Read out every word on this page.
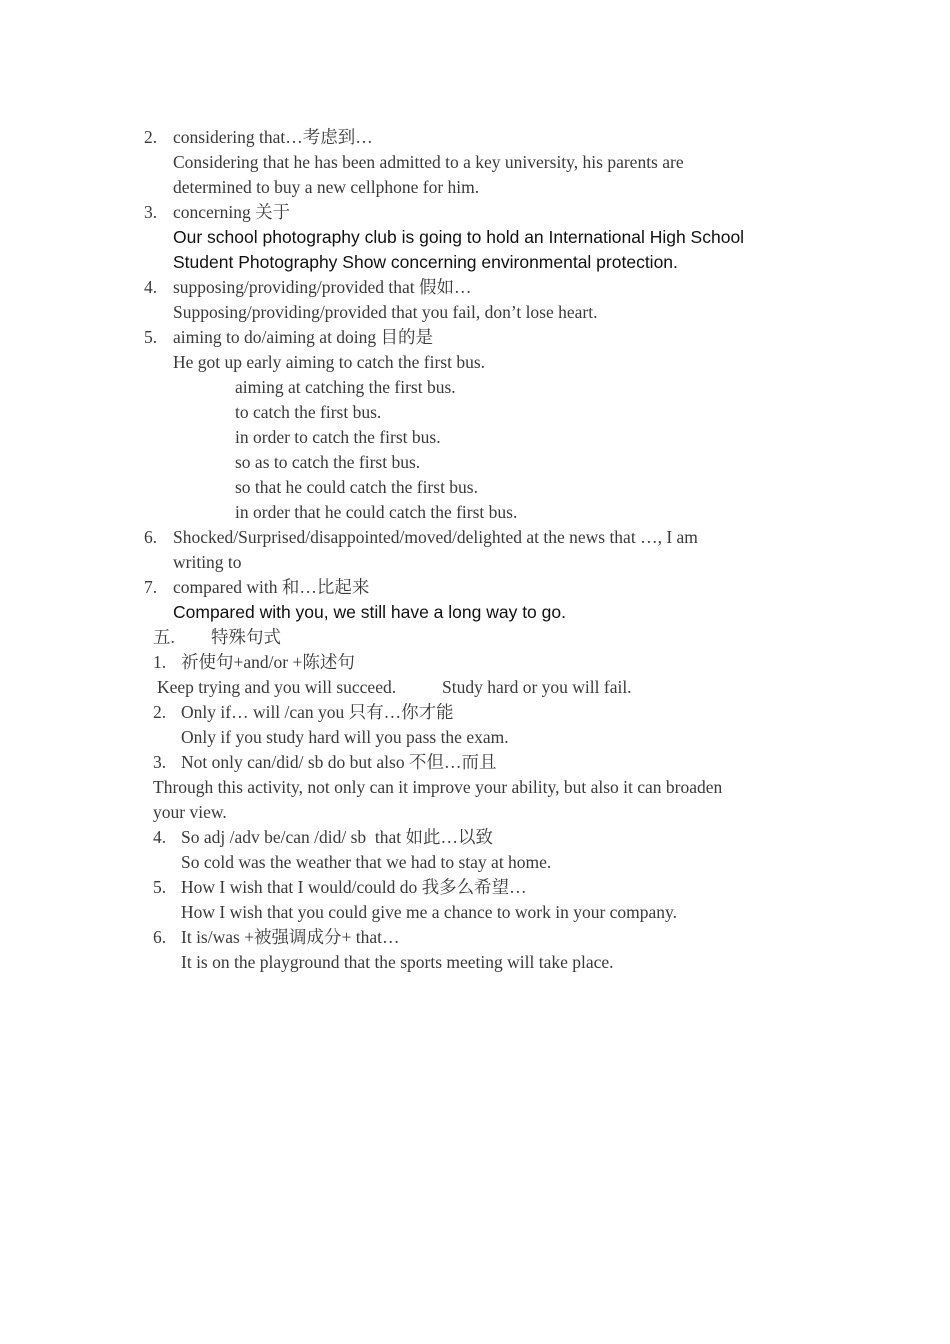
2. considering that…考虑到…
Considering that he has been admitted to a key university, his parents are
determined to buy a new cellphone for him.
3. concerning 关于
Our school photography club is going to hold an International High School
Student Photography Show concerning environmental protection.
4. supposing/providing/provided that 假如…
Supposing/providing/provided that you fail, don’t lose heart.
5. aiming to do/aiming at doing 目的是
He got up early aiming to catch the first bus.
aiming at catching the first bus.
to catch the first bus.
in order to catch the first bus.
so as to catch the first bus.
so that he could catch the first bus.
in order that he could catch the first bus.
6. Shocked/Surprised/disappointed/moved/delighted at the news that …, I am
writing to
7. compared with 和…比起来
Compared with you, we still have a long way to go.
五. 特殊句式
1. 祈使句+and/or +陈述句
Keep trying and you will succeed.	Study hard or you will fail.
2. Only if… will /can you 只有…你才能
Only if you study hard will you pass the exam.
3. Not only can/did/ sb do but also 不但…而且
Through this activity, not only can it improve your ability, but also it can broaden
your view.
4. So adj /adv be/can /did/ sb  that 如此…以致
So cold was the weather that we had to stay at home.
5. How I wish that I would/could do 我多么希望…
How I wish that you could give me a chance to work in your company.
6. It is/was +被强调成分+ that…
It is on the playground that the sports meeting will take place.
